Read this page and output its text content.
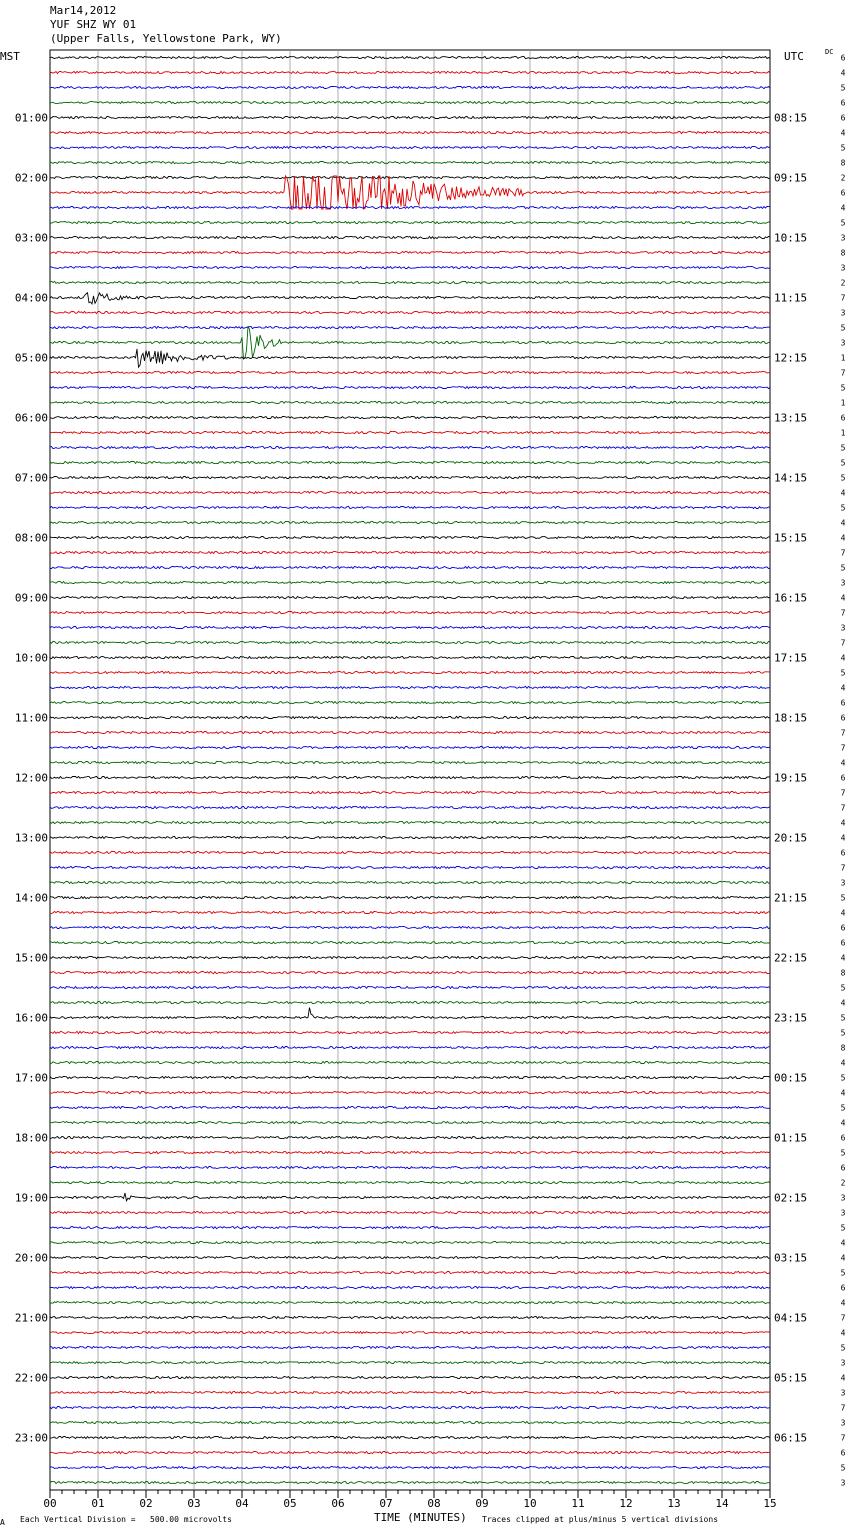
Mar14,2012
YUF SHZ WY 01
(Upper Falls, Yellowstone Park, WY)
MST	UTC	DC
00	01	02	03	04	05	06	07	08	09	10	11	12	13	14	15
6
4
5
6
6
4
5
8
2
6
4
5
3
8
3
2
7
3
5
3
1
7
5
1
6
1
5
5
5
4
5
4
4
7
5
3
4
7
3
7
4
5
4
6
6
7
7
4
6
7
7
4
4
6
7
3
5
4
6
6
4
8
5
4
5
5
8
4
5
4
5
4
6
5
6
2
3
3
5
4
4
5
6
4
7
4
5
3
4
3
7
3
7
6
5
3
01:00
02:00
03:00
04:00
05:00
06:00
07:00
08:00
09:00
10:00
11:00
12:00
13:00
14:00
15:00
16:00
17:00
18:00
19:00
20:00
21:00
22:00
23:00
08:15
09:15
10:15
11:15
12:15
13:15
14:15
15:15
16:15
17:15
18:15
19:15
20:15
21:15
22:15
23:15
00:15
01:15
02:15
03:15
04:15
05:15
06:15
A Each Vertical Division =   500.00 microvolts	TIME (MINUTES) Traces clipped at plus/minus 5 vertical divisions
